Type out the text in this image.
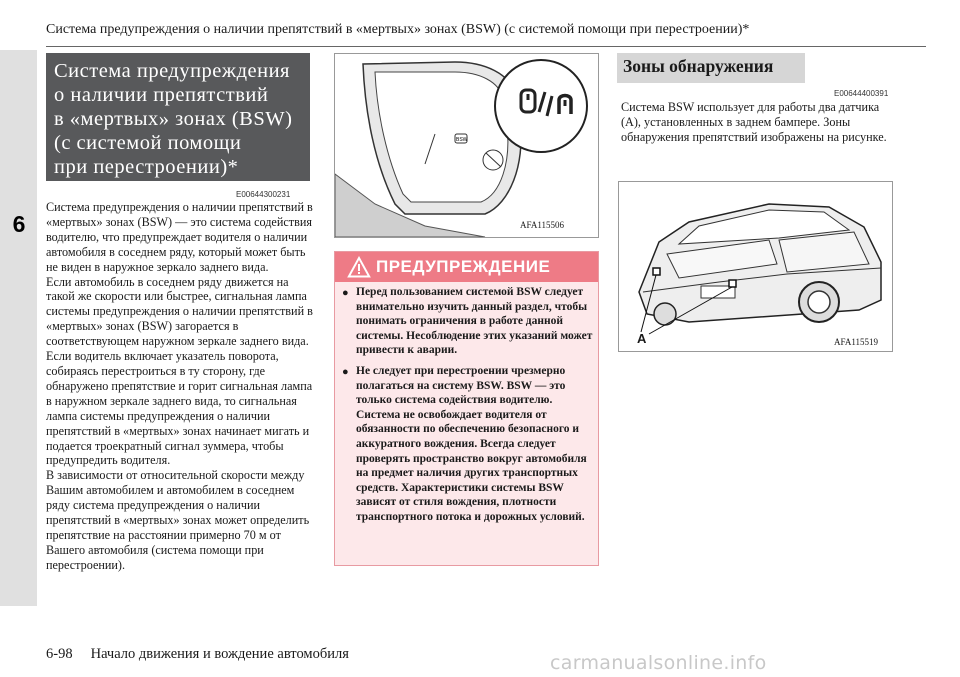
Система предупреждения о наличии препятствий в «мертвых» зонах (BSW) (с системой помощи при перестроении)*
6
Система предупреждения
о наличии препятствий
в «мертвых» зонах (BSW)
(с системой помощи
при перестроении)*
E00644300231

Система предупреждения о наличии препятствий в «мертвых» зонах (BSW) — это система содействия водителю, что предупреждает водителя о наличии автомобиля в соседнем ряду, который может быть не виден в наружное зеркало заднего вида.

Если автомобиль в соседнем ряду движется на такой же скорости или быстрее, сигнальная лампа системы предупреждения о наличии препятствий в «мертвых» зонах (BSW) загорается в соответствующем наружном зеркале заднего вида. Если водитель включает указатель поворота, собираясь перестроиться в ту сторону, где обнаружено препятствие и горит сигнальная лампа в наружном зеркале заднего вида, то сигнальная лампа системы предупреждения о наличии препятствий в «мертвых» зонах начинает мигать и подается троекратный сигнал зуммера, чтобы предупредить водителя.

В зависимости от относительной скорости между Вашим автомобилем и автомобилем в соседнем ряду система предупреждения о наличии препятствий в «мертвых» зонах может определить препятствие на расстоянии примерно 70 м от Вашего автомобиля (система помощи при перестроении).

BSW
AFA115506
ПРЕДУПРЕЖДЕНИЕ
● Перед пользованием системой BSW следует внимательно изучить данный раздел, чтобы понимать ограничения в работе данной системы. Несоблюдение этих указаний может привести к аварии.
● Не следует при перестроении чрезмерно полагаться на систему BSW. BSW — это только система содействия водителю. Система не освобождает водителя от обязанности по обеспечению безопасного и аккуратного вождения. Всегда следует проверять пространство вокруг автомобиля на предмет наличия других транспортных средств. Характеристики системы BSW зависят от стиля вождения, плотности транспортного потока и дорожных условий.
Зоны обнаружения
E00644400391
Система BSW использует для работы два датчика (A), установленных в заднем бампере. Зоны обнаружения препятствий изображены на рисунке.
A	AFA115519
6-98 Начало движения и вождение автомобиля	carmanualsonline.info
